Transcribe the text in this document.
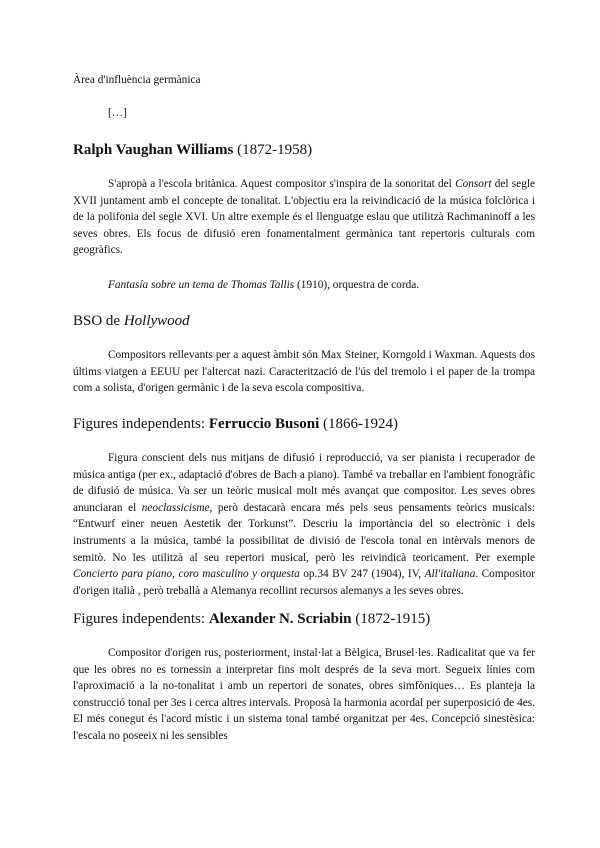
Àrea d'influència germànica

[…]

Ralph Vaughan Williams (1872-1958)

S'apropà a l'escola britànica. Aquest compositor s'inspira de la sonoritat del Consort del segle XVII juntament amb el concepte de tonalitat. L'objectiu era la reivindicació de la música folclòrica i de la polifonia del segle XVI. Un altre exemple és el llenguatge eslau que utilitzà Rachmaninoff a les seves obres. Els focus de difusió eren fonamentalment germànica tant repertoris culturals com geogràfics.

Fantasía sobre un tema de Thomas Tallis (1910), orquestra de corda.

BSO de Hollywood

Compositors rellevants per a aquest àmbit són Max Steiner, Korngold i Waxman. Aquests dos últims viatgen a EEUU per l'altercat nazi. Caracterització de l'ús del tremolo i el paper de la trompa com a solista, d'origen germànic i de la seva escola compositiva.

Figures independents: Ferruccio Busoni (1866-1924)

Figura conscient dels nus mitjans de difusió i reproducció, va ser pianista i recuperador de música antiga (per ex., adaptació d'obres de Bach a piano). També va treballar en l'ambient fonogràfic de difusió de música. Va ser un teòric musical molt més avançat que compositor. Les seves obres anunciaran el neoclassicisme, però destacarà encara més pels seus pensaments teòrics musicals: “Entwurf einer neuen Aestetik der Torkunst”. Descriu la importància del so electrònic i dels instruments a la música, també la possibilitat de divisió de l'escola tonal en intèrvals menors de semitò. No les utilitzà al seu repertori musical, però les reivindicà teoricament. Per exemple Concierto para piano, coro masculino y orquesta op.34 BV 247 (1904), IV, All'italiana. Compositor d'origen italià , però treballà a Alemanya recollint recursos alemanys a les seves obres.

Figures independents: Alexander N. Scriabin (1872-1915)

Compositor d'origen rus, posteriorment, instal·lat a Bèlgica, Brusel·les. Radicalitat que va fer que les obres no es tornessin a interpretar fins molt després de la seva mort. Segueix línies com l'aproximació a la no-tonalitat i amb un repertori de sonates, obres simfòniques… Es planteja la construcció tonal per 3es i cerca altres intervals. Proposà la harmonia acordal per superposició de 4es. El més conegut és l'acord místic i un sistema tonal també organitzat per 4es. Concepció sinestèsica: l'escala no poseeix ni les sensibles
